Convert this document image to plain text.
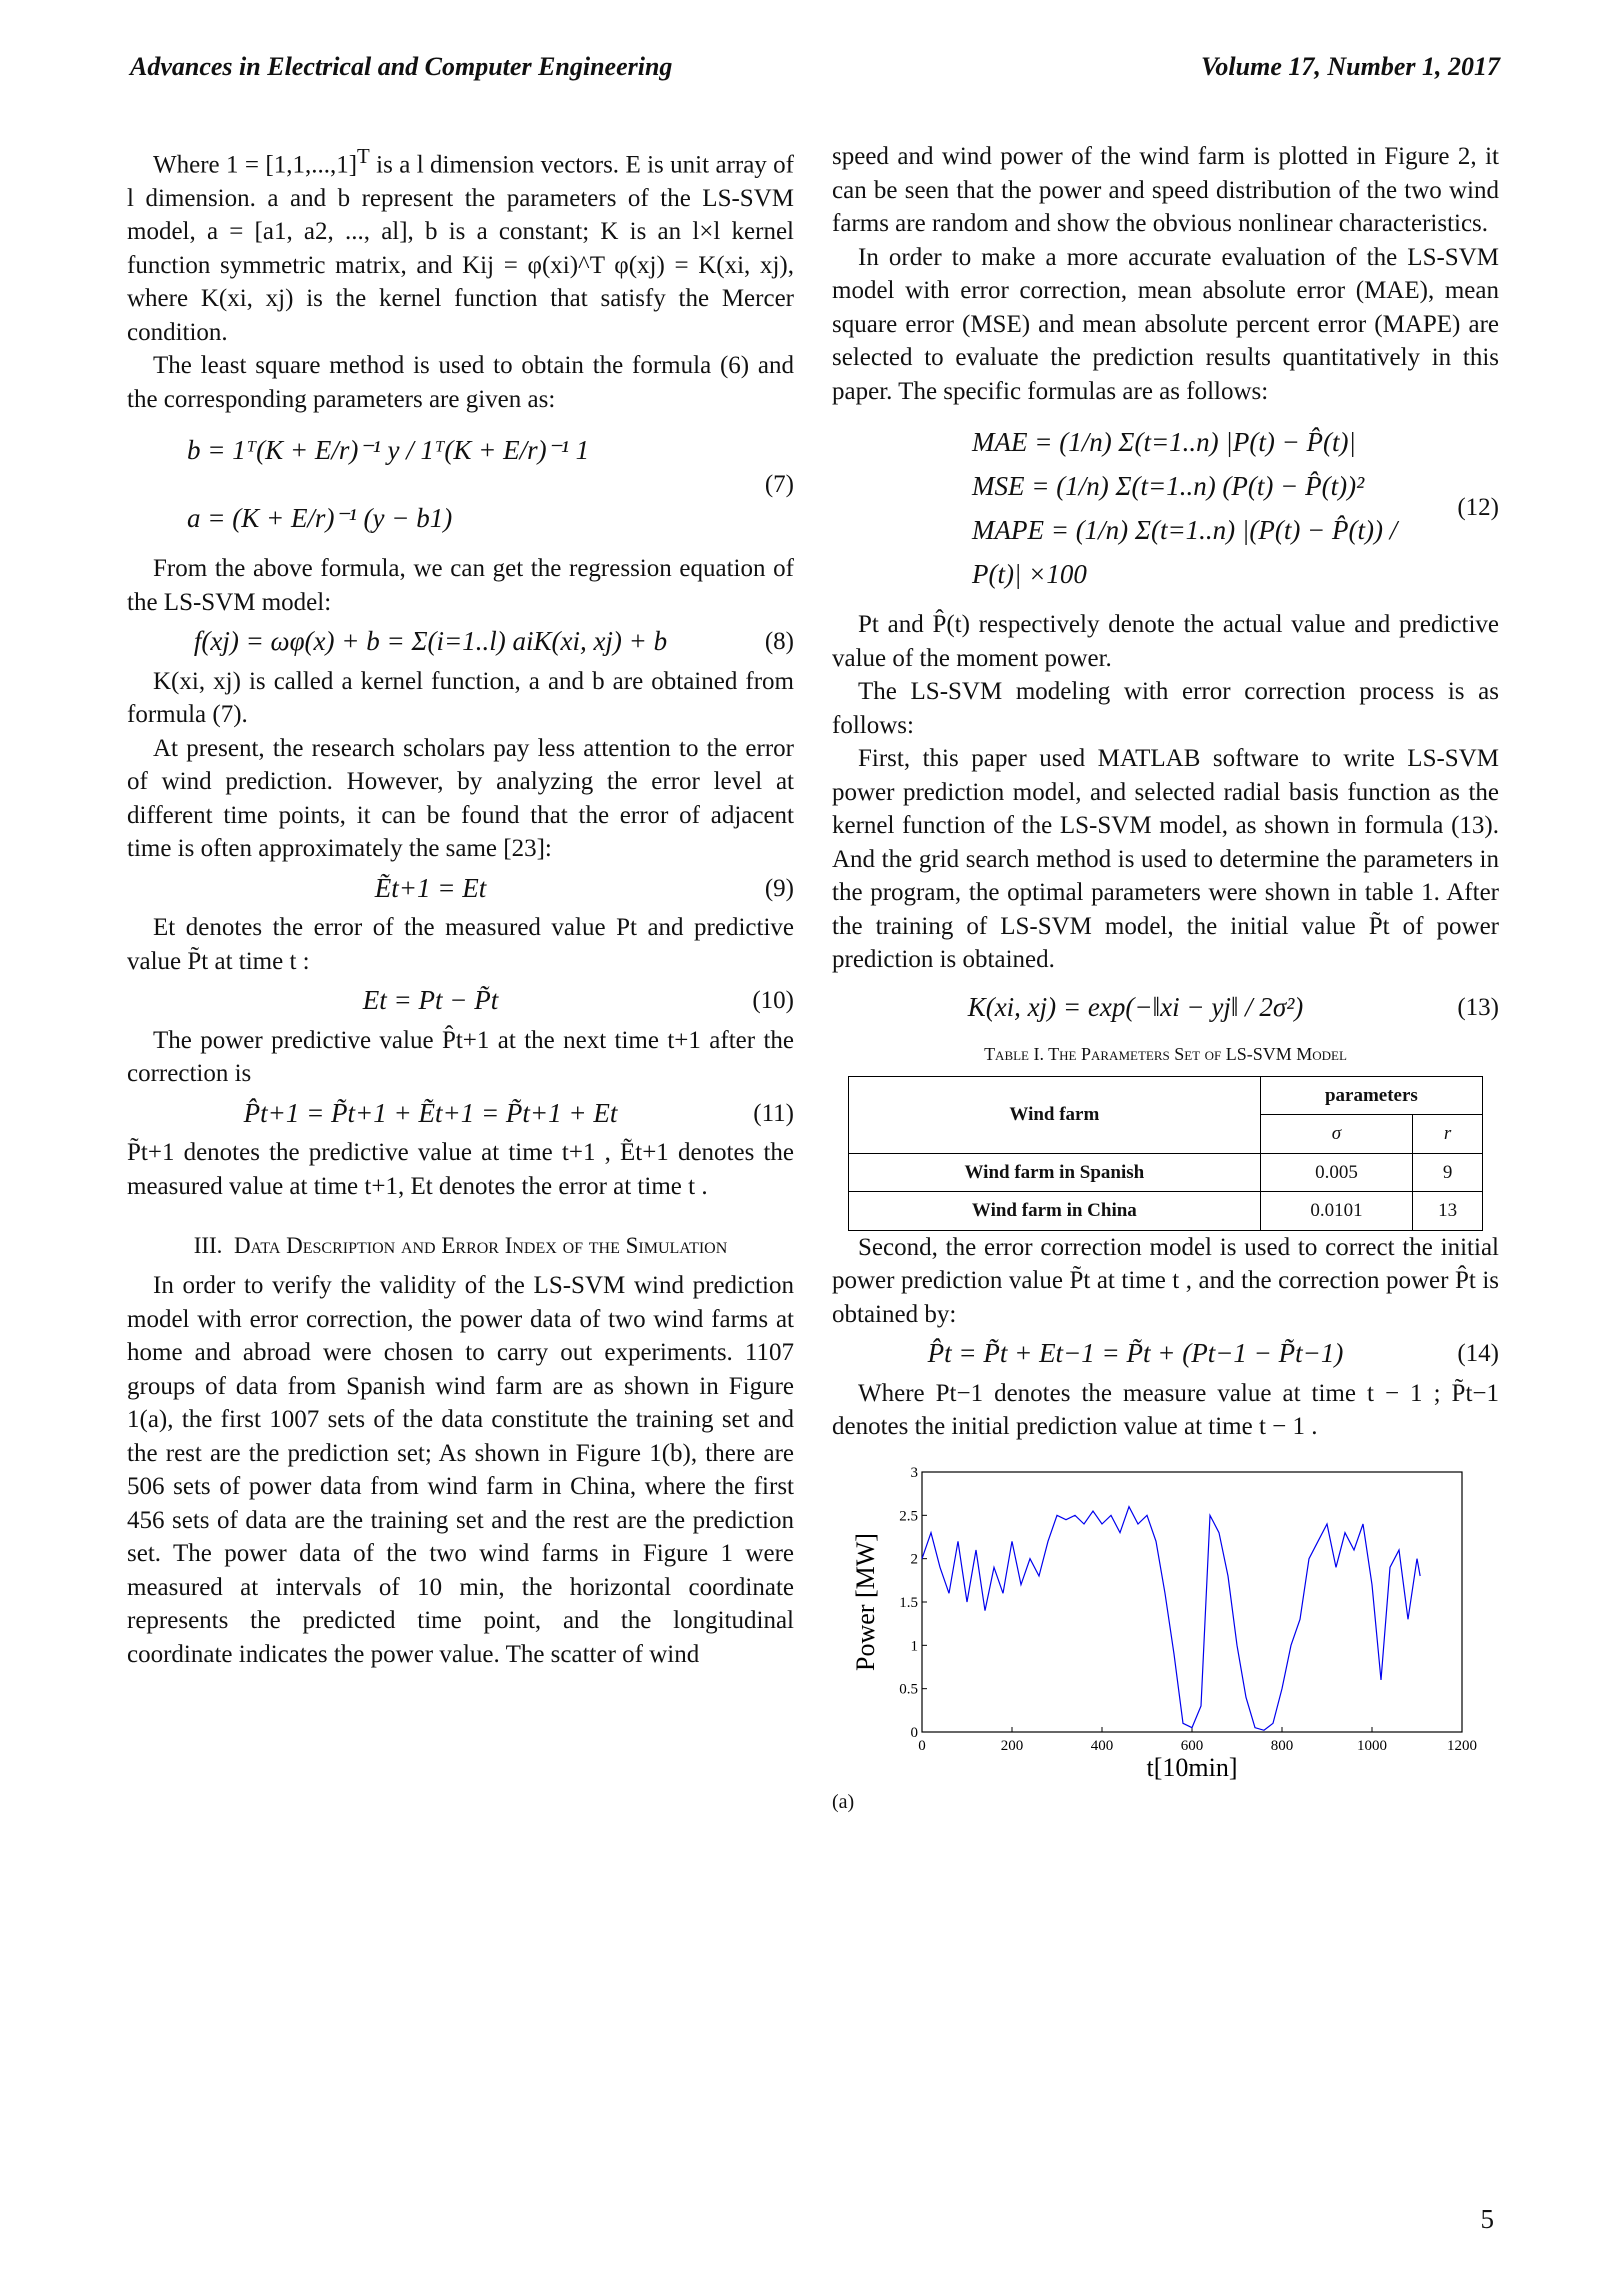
Advances in Electrical and Computer Engineering	Volume 17, Number 1, 2017

Where $1 = [1,1,...,1]^T$ is a l dimension vectors. E is unit array of l dimension. a and b represent the parameters of the LS-SVM model, a = [a1, a2, ..., al], b is a constant; K is an l×l kernel function symmetric matrix, and Kij = φ(xi)^T φ(xj) = K(xi, xj), where K(xi, xj) is the kernel function that satisfy the Mercer condition.

The least square method is used to obtain the formula (6) and the corresponding parameters are given as:

b = 1ᵀ(K + E/r)⁻¹ y / 1ᵀ(K + E/r)⁻¹ 1
a = (K + E/r)⁻¹ (y − b1)
(7)

From the above formula, we can get the regression equation of the LS-SVM model:

f(xj) = ωφ(x) + b = Σ(i=1..l) aiK(xi, xj) + b	(8)

K(xi, xj) is called a kernel function, a and b are obtained from formula (7).

At present, the research scholars pay less attention to the error of wind prediction. However, by analyzing the error level at different time points, it can be found that the error of adjacent time is often approximately the same [23]:

Ẽt+1 = Et	(9)

Et denotes the error of the measured value Pt and predictive value P̃t at time t :

Et = Pt − P̃t	(10)

The power predictive value P̂t+1 at the next time t+1 after the correction is

P̂t+1 = P̃t+1 + Ẽt+1 = P̃t+1 + Et	(11)

P̃t+1 denotes the predictive value at time t+1 , Ẽt+1 denotes the measured value at time t+1, Et denotes the error at time t .

III. Data Description and Error Index of the Simulation

In order to verify the validity of the LS-SVM wind prediction model with error correction, the power data of two wind farms at home and abroad were chosen to carry out experiments. 1107 groups of data from Spanish wind farm are as shown in Figure 1(a), the first 1007 sets of the data constitute the training set and the rest are the prediction set; As shown in Figure 1(b), there are 506 sets of power data from wind farm in China, where the first 456 sets of data are the training set and the rest are the prediction set. The power data of the two wind farms in Figure 1 were measured at intervals of 10 min, the horizontal coordinate represents the predicted time point, and the longitudinal coordinate indicates the power value. The scatter of wind

speed and wind power of the wind farm is plotted in Figure 2, it can be seen that the power and speed distribution of the two wind farms are random and show the obvious nonlinear characteristics.

In order to make a more accurate evaluation of the LS-SVM model with error correction, mean absolute error (MAE), mean square error (MSE) and mean absolute percent error (MAPE) are selected to evaluate the prediction results quantitatively in this paper. The specific formulas are as follows:

MAE = (1/n) Σ(t=1..n) |P(t) − P̂(t)|
MSE = (1/n) Σ(t=1..n) (P(t) − P̂(t))²
MAPE = (1/n) Σ(t=1..n) |(P(t) − P̂(t)) / P(t)| ×100
(12)

Pt and P̂(t) respectively denote the actual value and predictive value of the moment power.

The LS-SVM modeling with error correction process is as follows:

First, this paper used MATLAB software to write LS-SVM power prediction model, and selected radial basis function as the kernel function of the LS-SVM model, as shown in formula (13). And the grid search method is used to determine the parameters in the program, the optimal parameters were shown in table 1. After the training of LS-SVM model, the initial value P̃t of power prediction is obtained.

K(xi, xj) = exp(−‖xi − yj‖ / 2σ²)	(13)
Table I. The Parameters Set of LS-SVM Model
Wind farm	parameters	
	σ	r
Wind farm in Spanish	0.005	9
Wind farm in China	0.0101	13

Second, the error correction model is used to correct the initial power prediction value P̃t at time t , and the correction power P̂t is obtained by:

P̂t = P̃t + Et−1 = P̃t + (Pt−1 − P̃t−1)	(14)

Where Pt−1 denotes the measure value at time t − 1 ; P̃t−1 denotes the initial prediction value at time t − 1 .

0	200	400	600	800	1000	1200
0
0.5
1
1.5
2
2.5
3
t[10min]
Power [MW]
(a)
5
